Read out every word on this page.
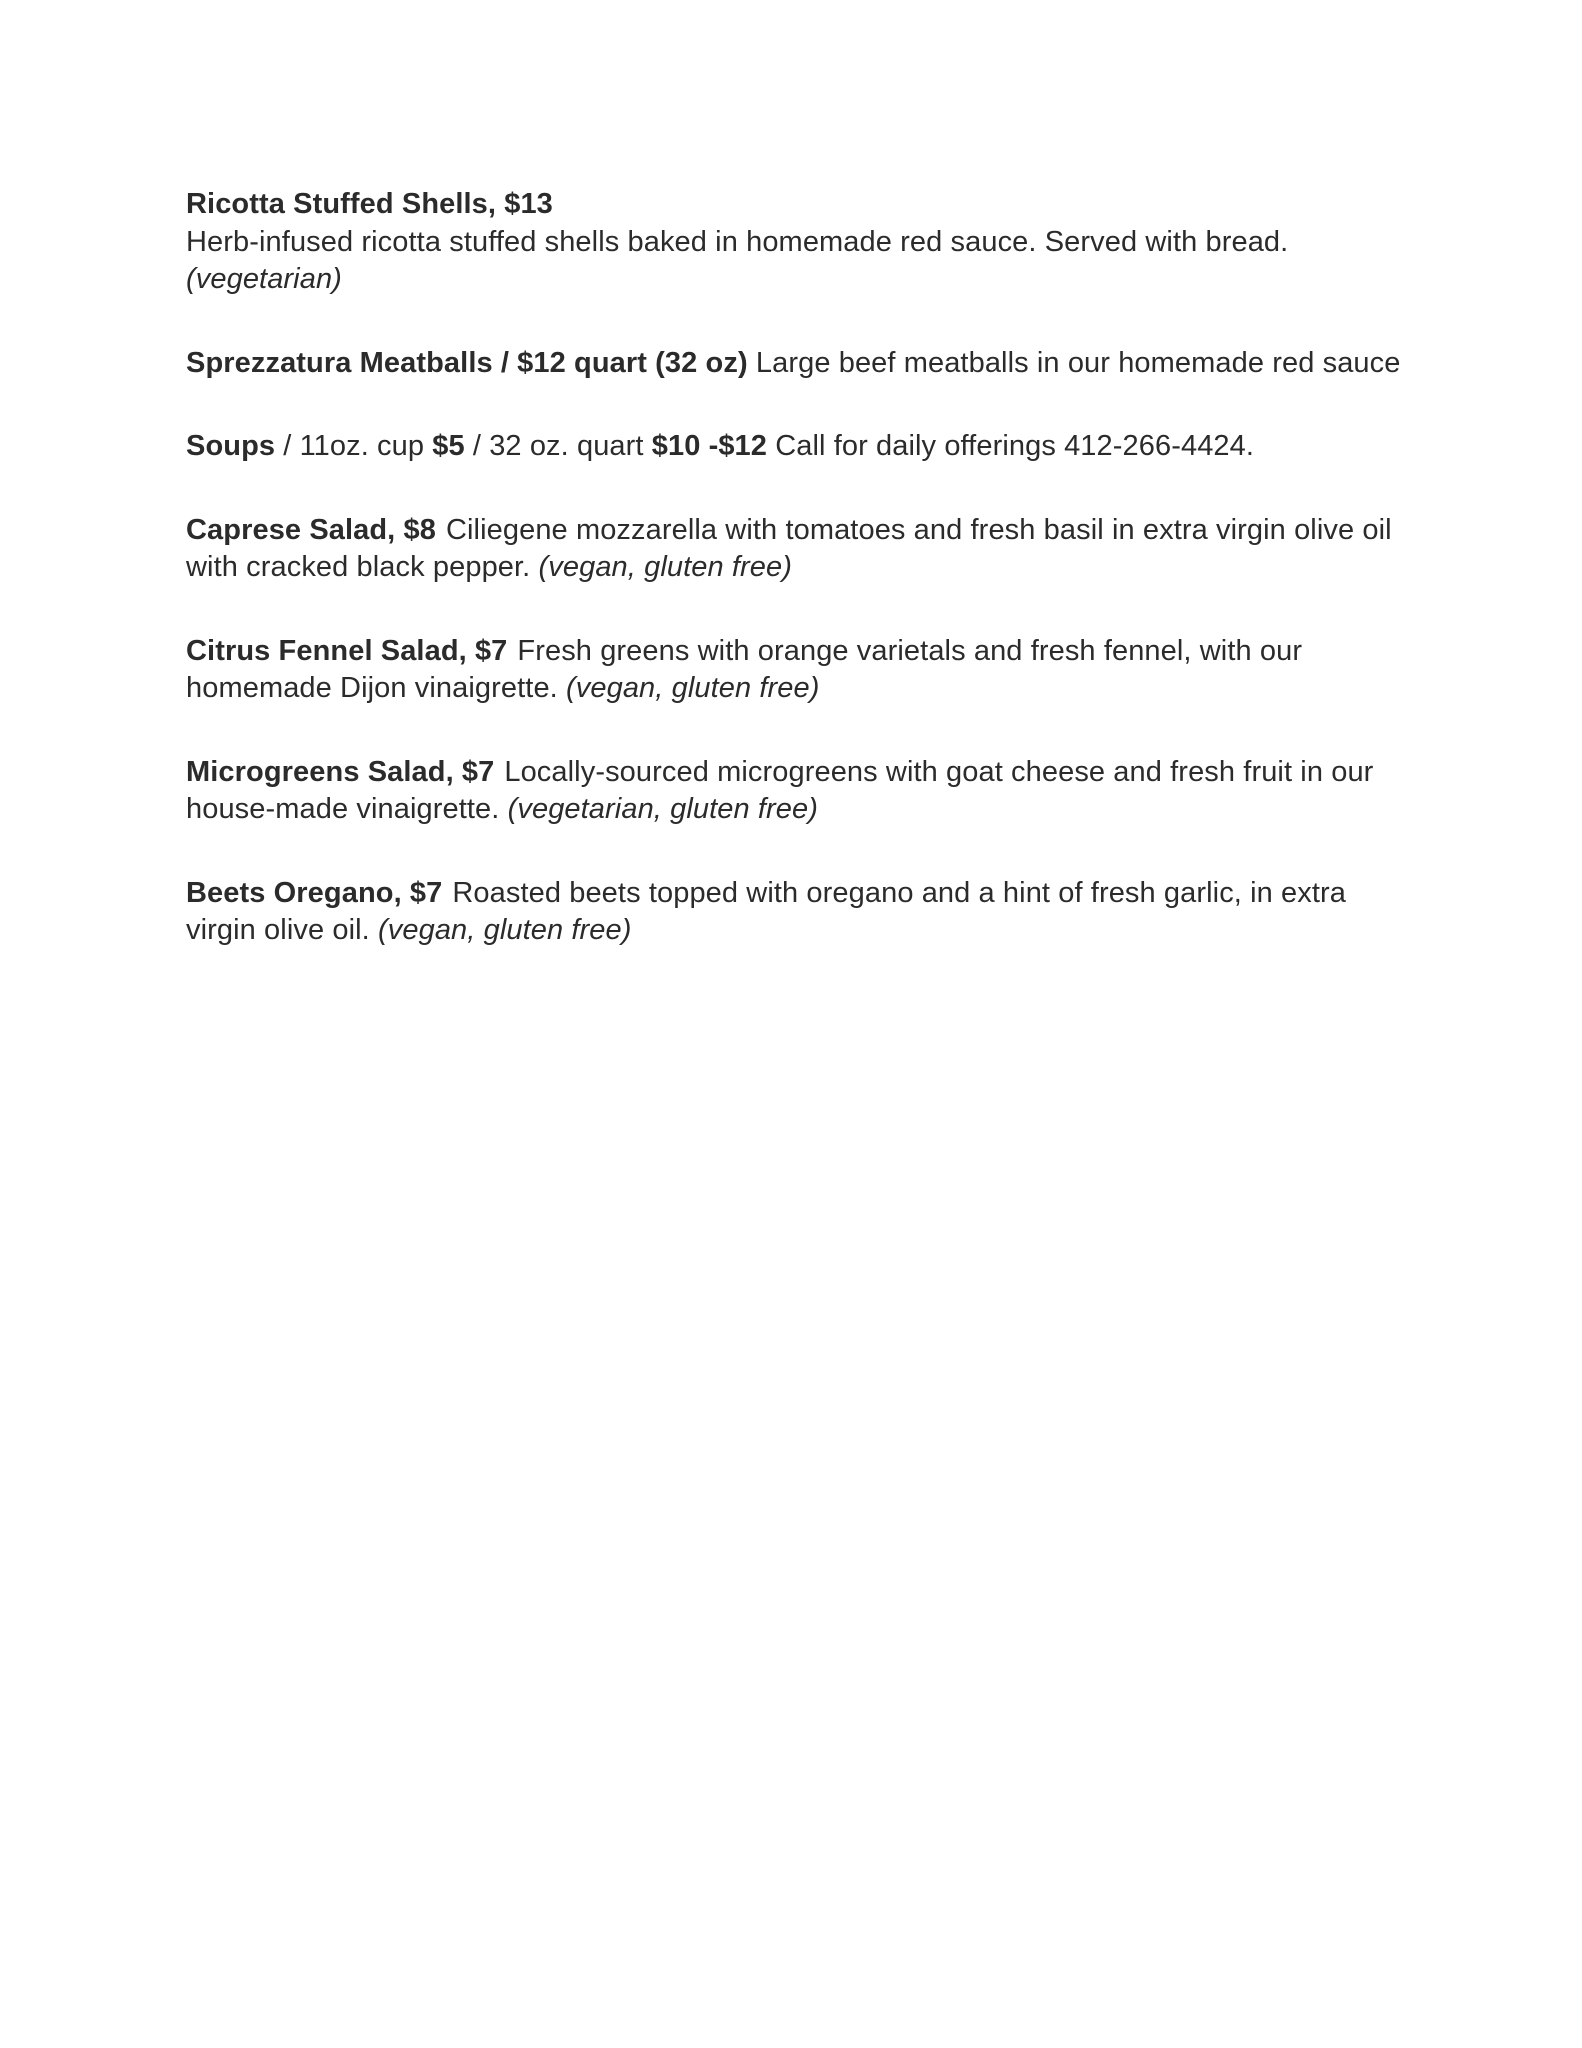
Ricotta Stuffed Shells, $13
Herb-infused ricotta stuffed shells baked in homemade red sauce. Served with bread. (vegetarian)

Sprezzatura Meatballs / $12 quart (32 oz) Large beef meatballs in our homemade red sauce

Soups / 11oz. cup $5 / 32 oz. quart $10 -$12 Call for daily offerings 412-266-4424.

Caprese Salad, $8 Ciliegene mozzarella with tomatoes and fresh basil in extra virgin olive oil with cracked black pepper. (vegan, gluten free)

Citrus Fennel Salad, $7 Fresh greens with orange varietals and fresh fennel, with our homemade Dijon vinaigrette. (vegan, gluten free)

Microgreens Salad, $7 Locally-sourced microgreens with goat cheese and fresh fruit in our house-made vinaigrette. (vegetarian, gluten free)

Beets Oregano, $7 Roasted beets topped with oregano and a hint of fresh garlic, in extra virgin olive oil. (vegan, gluten free)
